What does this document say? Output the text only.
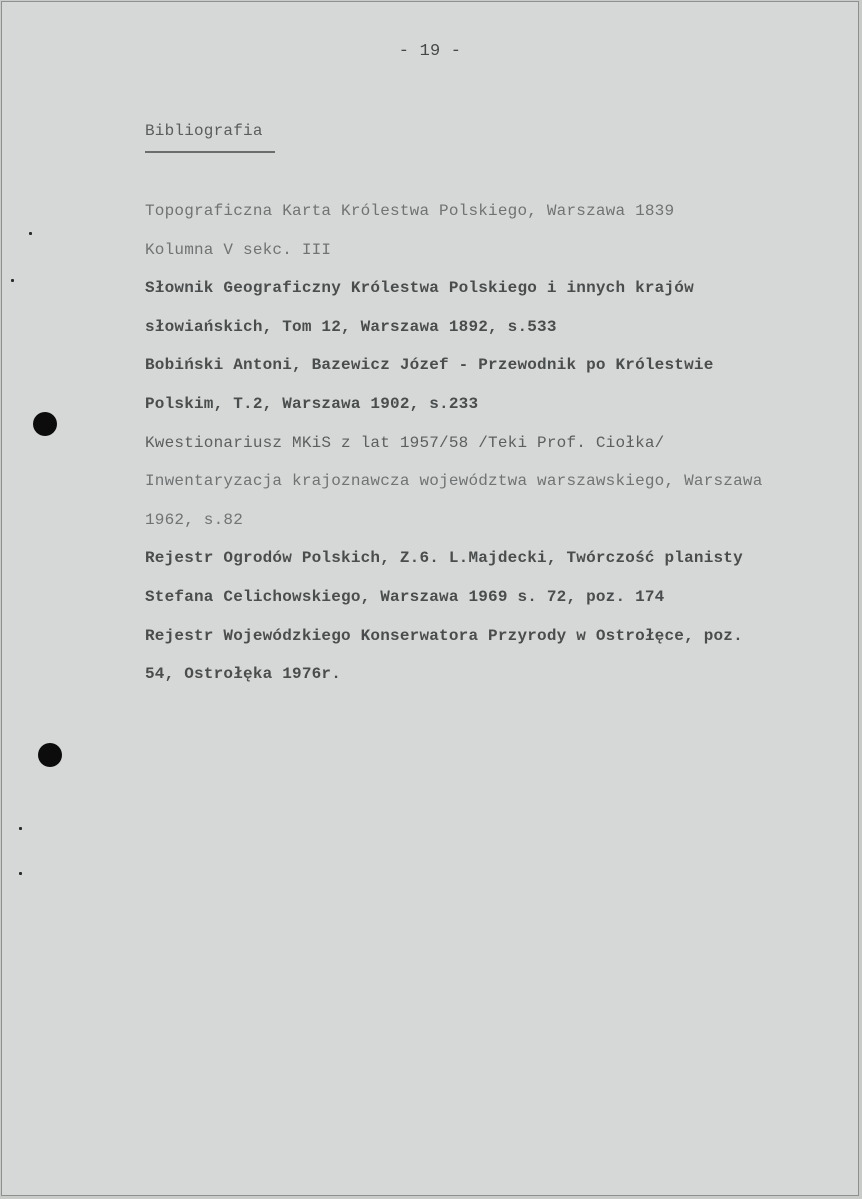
- 19 -
Bibliografia
Topograficzna Karta Królestwa Polskiego, Warszawa 1839
Kolumna V sekc. III
Słownik Geograficzny Królestwa Polskiego i innych krajów
słowiańskich, Tom 12, Warszawa 1892, s.533
Bobiński Antoni, Bazewicz Józef - Przewodnik po Królestwie
Polskim, T.2, Warszawa 1902, s.233
Kwestionariusz MKiS z lat 1957/58 /Teki Prof. Ciołka/
Inwentaryzacja krajoznawcza województwa warszawskiego, Warszawa
1962, s.82
Rejestr Ogrodów Polskich, Z.6. L.Majdecki, Twórczość planisty
Stefana Celichowskiego, Warszawa 1969 s. 72, poz. 174
Rejestr Wojewódzkiego Konserwatora Przyrody w Ostrołęce, poz.
54, Ostrołęka 1976r.
